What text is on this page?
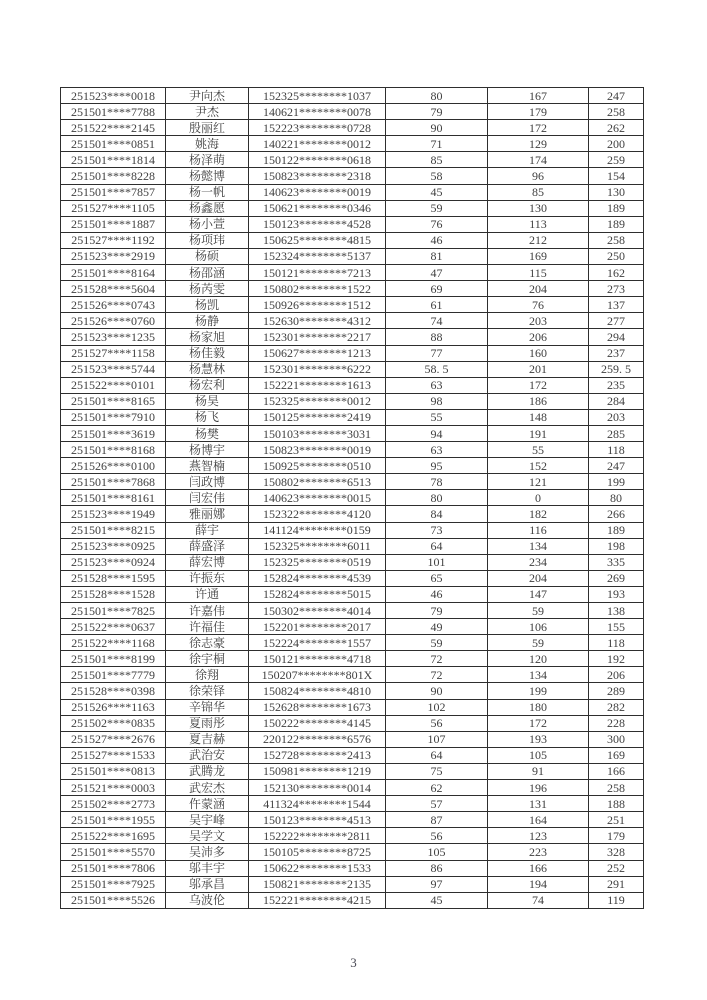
251523****0018	尹向杰	152325********1037	80	167	247
251501****7788	尹杰	140621********0078	79	179	258
251522****2145	殷丽红	152223********0728	90	172	262
251501****0851	姚海	140221********0012	71	129	200
251501****1814	杨泽萌	150122********0618	85	174	259
251501****8228	杨懿博	150823********2318	58	96	154
251501****7857	杨一帆	140623********0019	45	85	130
251527****1105	杨鑫愿	150621********0346	59	130	189
251501****1887	杨小萱	150123********4528	76	113	189
251527****1192	杨项玮	150625********4815	46	212	258
251523****2919	杨硕	152324********5137	81	169	250
251501****8164	杨邵涵	150121********7213	47	115	162
251528****5604	杨芮雯	150802********1522	69	204	273
251526****0743	杨凯	150926********1512	61	76	137
251526****0760	杨静	152630********4312	74	203	277
251523****1235	杨家旭	152301********2217	88	206	294
251527****1158	杨佳毅	150627********1213	77	160	237
251523****5744	杨慧林	152301********6222	58. 5	201	259. 5
251522****0101	杨宏利	152221********1613	63	172	235
251501****8165	杨昊	152325********0012	98	186	284
251501****7910	杨飞	150125********2419	55	148	203
251501****3619	杨樊	150103********3031	94	191	285
251501****8168	杨博宇	150823********0019	63	55	118
251526****0100	燕智楠	150925********0510	95	152	247
251501****7868	闫政博	150802********6513	78	121	199
251501****8161	闫宏伟	140623********0015	80	0	80
251523****1949	雅丽娜	152322********4120	84	182	266
251501****8215	薛宇	141124********0159	73	116	189
251523****0925	薛盛泽	152325********6011	64	134	198
251523****0924	薛宏博	152325********0519	101	234	335
251528****1595	许振东	152824********4539	65	204	269
251528****1528	许通	152824********5015	46	147	193
251501****7825	许嘉伟	150302********4014	79	59	138
251522****0637	许福佳	152201********2017	49	106	155
251522****1168	徐志豪	152224********1557	59	59	118
251501****8199	徐宇桐	150121********4718	72	120	192
251501****7779	徐翔	150207********801X	72	134	206
251528****0398	徐荣铎	150824********4810	90	199	289
251526****1163	辛锦华	152628********1673	102	180	282
251502****0835	夏雨彤	150222********4145	56	172	228
251527****2676	夏吉赫	220122********6576	107	193	300
251527****1533	武治安	152728********2413	64	105	169
251501****0813	武腾龙	150981********1219	75	91	166
251521****0003	武宏杰	152130********0014	62	196	258
251502****2773	仵蒙涵	411324********1544	57	131	188
251501****1955	吴宇峰	150123********4513	87	164	251
251522****1695	吴学文	152222********2811	56	123	179
251501****5570	吴沛多	150105********8725	105	223	328
251501****7806	邬丰宇	150622********1533	86	166	252
251501****7925	邬承昌	150821********2135	97	194	291
251501****5526	乌波伦	152221********4215	45	74	119
3
